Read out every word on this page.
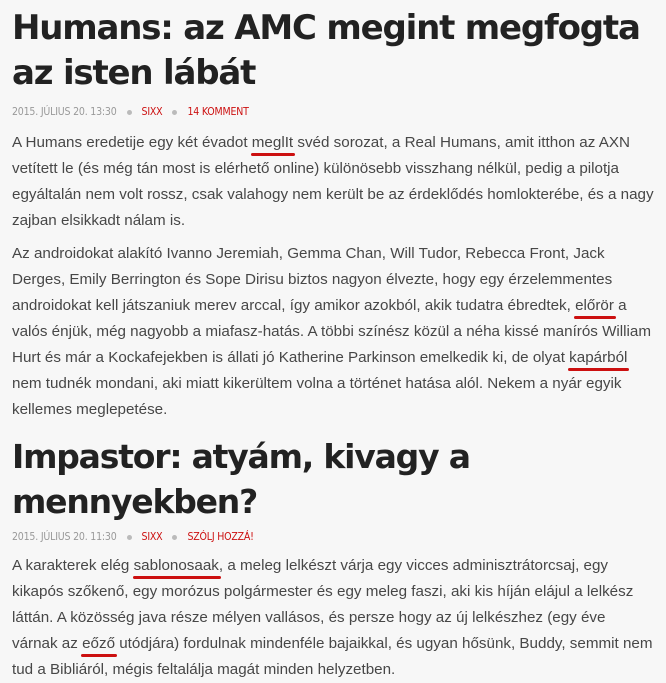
Humans: az AMC megint megfogta az isten lábát
2015. JÚLIUS 20. 13:30 SIXX 14 KOMMENT

A Humans eredetije egy két évadot meglIt svéd sorozat, a Real Humans, amit itthon az AXN vetített le (és még tán most is elérhető online) különösebb visszhang nélkül, pedig a pilotja egyáltalán nem volt rossz, csak valahogy nem került be az érdeklődés homlokterébe, és a nagy zajban elsikkadt nálam is.

Az androidokat alakító Ivanno Jeremiah, Gemma Chan, Will Tudor, Rebecca Front, Jack Derges, Emily Berrington és Sope Dirisu biztos nagyon élvezte, hogy egy érzelemmentes androidokat kell játszaniuk merev arccal, így amikor azokból, akik tudatra ébredtek, előrör a valós énjük, még nagyobb a miafasz-hatás. A többi színész közül a néha kissé manírós William Hurt és már a Kockafejekben is állati jó Katherine Parkinson emelkedik ki, de olyat kapárból nem tudnék mondani, aki miatt kikerültem volna a történet hatása alól. Nekem a nyár egyik kellemes meglepetése.

Impastor: atyám, kivagy a mennyekben?
2015. JÚLIUS 20. 11:30 SIXX SZÓLJ HOZZÁ!

A karakterek elég sablonosaak, a meleg lelkészt várja egy vicces adminisztrátorcsaj, egy kikapós szőkenő, egy morózus polgármester és egy meleg faszi, aki kis híján elájul a lelkész láttán. A közösség java része mélyen vallásos, és persze hogy az új lelkészhez (egy éve várnak az eőző utódjára) fordulnak mindenféle bajaikkal, és ugyan hősünk, Buddy, semmit nem tud a Bibliáról, mégis feltalálja magát minden helyzetben.
